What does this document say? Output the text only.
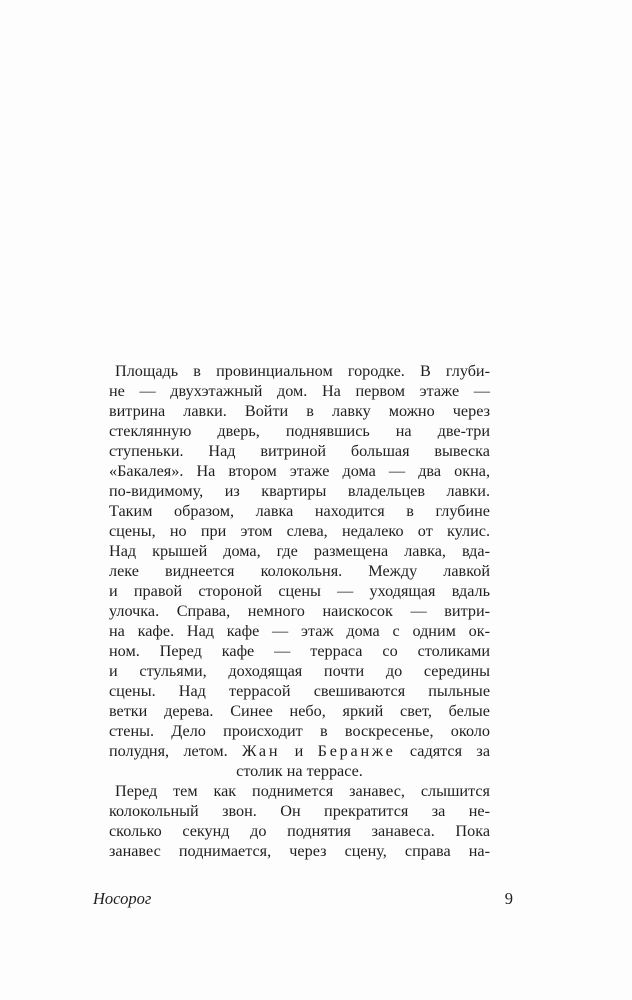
Площадь в провинциальном городке. В глуби-
не — двухэтажный дом. На первом этаже —
витрина лавки. Войти в лавку можно через
стеклянную дверь, поднявшись на две-три
ступеньки. Над витриной большая вывеска
«Бакалея». На втором этаже дома — два окна,
по-видимому, из квартиры владельцев лавки.
Таким образом, лавка находится в глубине
сцены, но при этом слева, недалеко от кулис.
Над крышей дома, где размещена лавка, вда-
леке виднеется колокольня. Между лавкой
и правой стороной сцены — уходящая вдаль
улочка. Справа, немного наискосок — витри-
на кафе. Над кафе — этаж дома с одним ок-
ном. Перед кафе — терраса со столиками
и стульями, доходящая почти до середины
сцены. Над террасой свешиваются пыльные
ветки дерева. Синее небо, яркий свет, белые
стены. Дело происходит в воскресенье, около
полудня, летом. Жан и Беранже садятся за
столик на террасе.
Перед тем как поднимется занавес, слышится
колокольный звон. Он прекратится за не-
сколько секунд до поднятия занавеса. Пока
занавес поднимается, через сцену, справа на-
Носорог	9
